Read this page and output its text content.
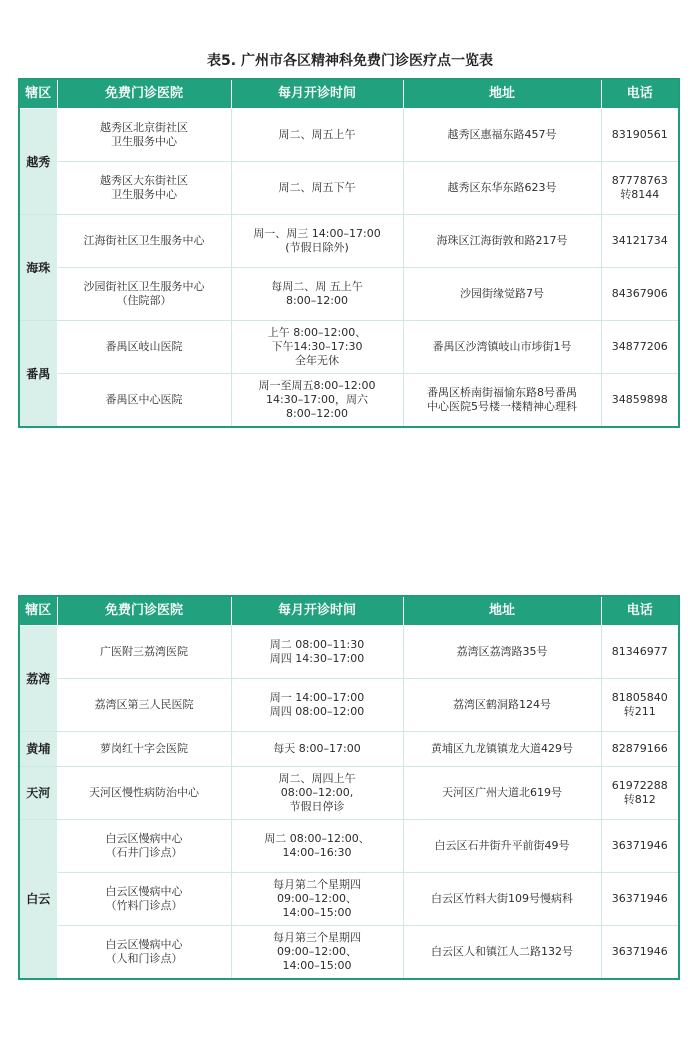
表5. 广州市各区精神科免费门诊医疗点一览表
辖区	免费门诊医院	每月开诊时间	地址	电话
越秀	越秀区北京街社区
卫生服务中心	周二、周五上午	越秀区惠福东路457号	83190561

	越秀区大东街社区
卫生服务中心	周二、周五下午	越秀区东华东路623号	87778763
转8144

海珠	江海街社区卫生服务中心	周一、周三 14:00–17:00
(节假日除外)	海珠区江海街敦和路217号	34121734

	沙园街社区卫生服务中心
（住院部）	每周二、周 五上午
8:00–12:00	沙园街缘觉路7号	84367906

番禺	番禺区岐山医院	上午 8:00–12:00、
下午14:30–17:30
全年无休	番禺区沙湾镇岐山市埗街1号	34877206

	番禺区中心医院	周一至周五8:00–12:00
14:30–17:00，周六
8:00–12:00	番禺区桥南街福愉东路8号番禺
中心医院5号楼一楼精神心理科	34859898
辖区	免费门诊医院	每月开诊时间	地址	电话
荔湾	广医附三荔湾医院	周二 08:00–11:30
周四 14:30–17:00	荔湾区荔湾路35号	81346977

	荔湾区第三人民医院	周一 14:00–17:00
周四 08:00–12:00	荔湾区鹤洞路124号	81805840
转211

黄埔	萝岗红十字会医院	每天 8:00–17:00	黄埔区九龙镇镇龙大道429号	82879166

天河	天河区慢性病防治中心	周二、周四上午
08:00–12:00,
节假日停诊	天河区广州大道北619号	61972288
转812

白云	白云区慢病中心
（石井门诊点）	周二 08:00–12:00、
14:00–16:30	白云区石井街升平前街49号	36371946

	白云区慢病中心
（竹料门诊点）	每月第二个星期四
09:00–12:00、
14:00–15:00	白云区竹料大街109号慢病科	36371946

	白云区慢病中心
（人和门诊点）	每月第三个星期四
09:00–12:00、
14:00–15:00	白云区人和镇江人二路132号	36371946
